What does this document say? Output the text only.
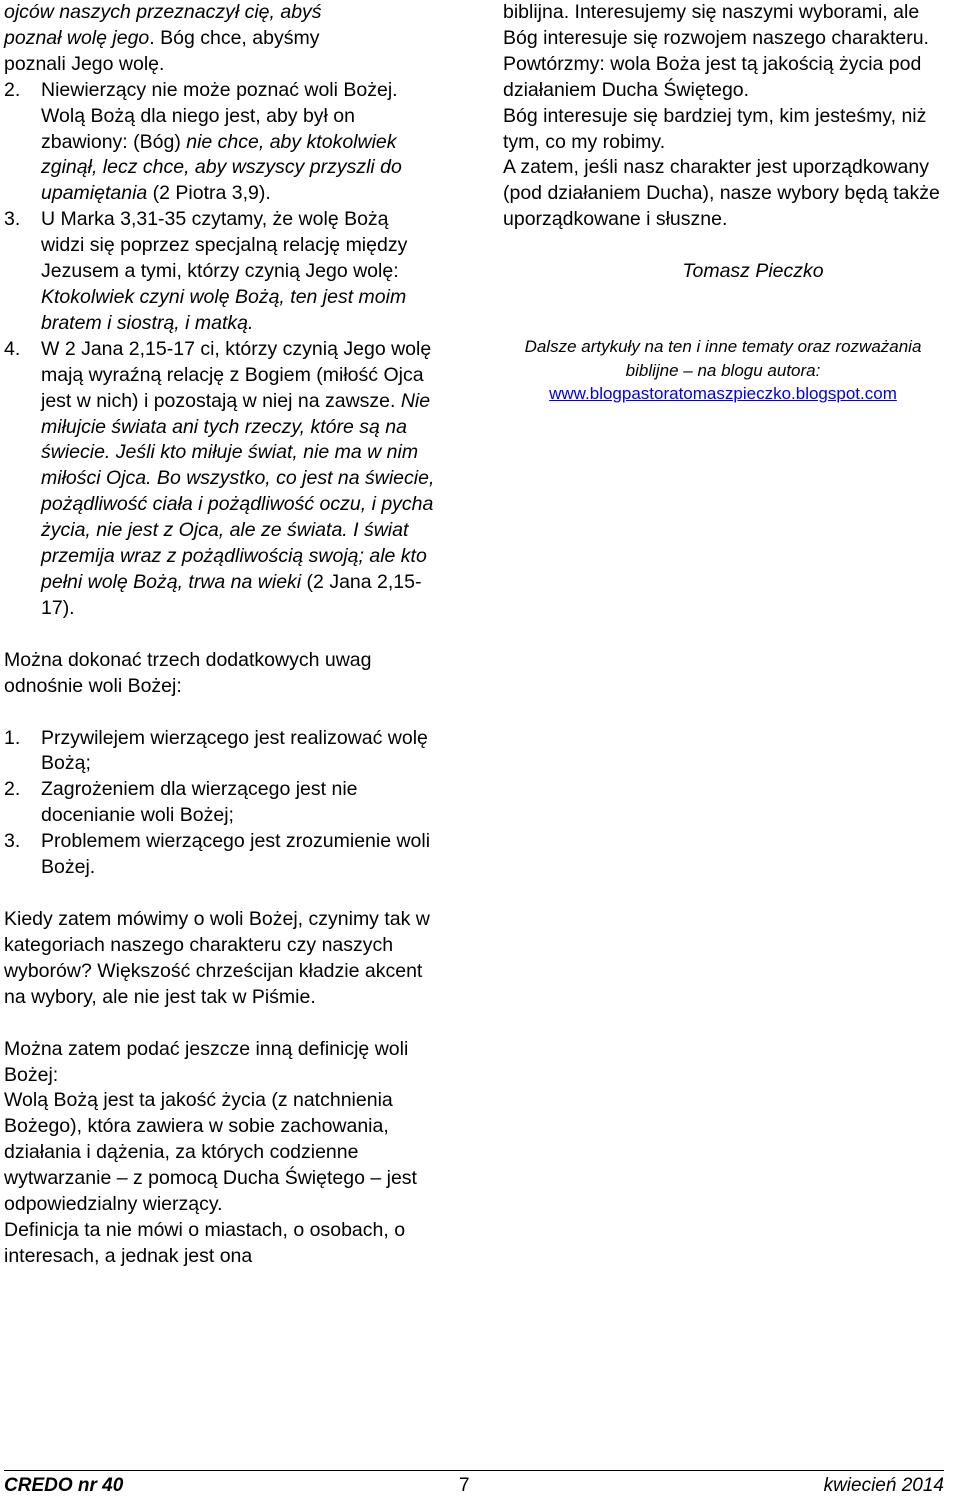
ojców naszych przeznaczył cię, abyś
poznał wolę jego. Bóg chce, abyśmy
poznali Jego wolę.

2. Niewierzący nie może poznać woli Bożej. Wolą Bożą dla niego jest, aby był on zbawiony: (Bóg) nie chce, aby ktokolwiek zginął, lecz chce, aby wszyscy przyszli do upamiętania (2 Piotra 3,9).
3. U Marka 3,31-35 czytamy, że wolę Bożą widzi się poprzez specjalną relację między Jezusem a tymi, którzy czynią Jego wolę: Ktokolwiek czyni wolę Bożą, ten jest moim bratem i siostrą, i matką.
4. W 2 Jana 2,15-17 ci, którzy czynią Jego wolę mają wyraźną relację z Bogiem (miłość Ojca jest w nich) i pozostają w niej na zawsze. Nie miłujcie świata ani tych rzeczy, które są na świecie. Jeśli kto miłuje świat, nie ma w nim miłości Ojca. Bo wszystko, co jest na świecie, pożądliwość ciała i pożądliwość oczu, i pycha życia, nie jest z Ojca, ale ze świata. I świat przemija wraz z pożądliwością swoją; ale kto pełni wolę Bożą, trwa na wieki (2 Jana 2,15-17).

Można dokonać trzech dodatkowych uwag odnośnie woli Bożej:

1. Przywilejem wierzącego jest realizować wolę Bożą;
2. Zagrożeniem dla wierzącego jest nie docenianie woli Bożej;
3. Problemem wierzącego jest zrozumienie woli Bożej.

Kiedy zatem mówimy o woli Bożej, czynimy tak w kategoriach naszego charakteru czy naszych wyborów? Większość chrześcijan kładzie akcent na wybory, ale nie jest tak w Piśmie.

Można zatem podać jeszcze inną definicję woli Bożej:

Wolą Bożą jest ta jakość życia (z natchnienia Bożego), która zawiera w sobie zachowania, działania i dążenia, za których codzienne wytwarzanie – z pomocą Ducha Świętego – jest odpowiedzialny wierzący.

Definicja ta nie mówi o miastach, o osobach, o interesach, a jednak jest ona

biblijna. Interesujemy się naszymi wyborami, ale Bóg interesuje się rozwojem naszego charakteru.

Powtórzmy: wola Boża jest tą jakością życia pod działaniem Ducha Świętego.

Bóg interesuje się bardziej tym, kim jesteśmy, niż tym, co my robimy.

A zatem, jeśli nasz charakter jest uporządkowany (pod działaniem Ducha), nasze wybory będą także uporządkowane i słuszne.

Tomasz Pieczko

Dalsze artykuły na ten i inne tematy oraz rozważania biblijne – na blogu autora:
www.blogpastoratomaszpieczko.blogspot.com

CREDO nr 40	7	kwiecień 2014
